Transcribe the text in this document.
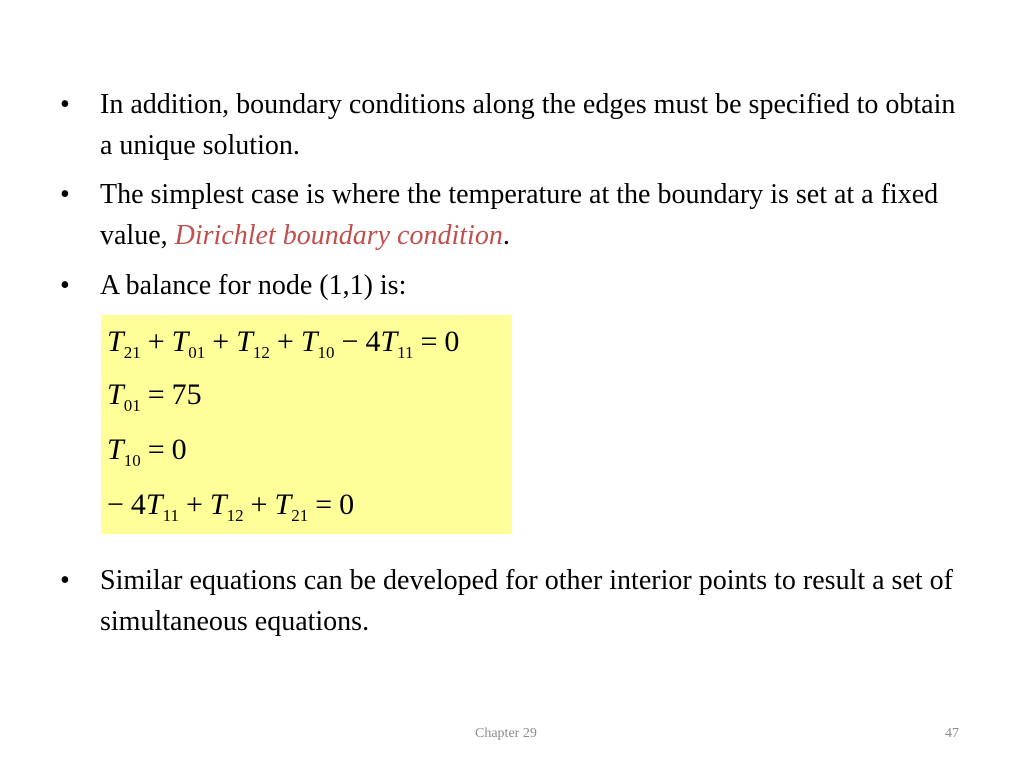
• In addition, boundary conditions along the edges must be specified to obtain a unique solution.
• The simplest case is where the temperature at the boundary is set at a fixed value, Dirichlet boundary condition.
• A balance for node (1,1) is:
$T_{21} + T_{01} + T_{12} + T_{10} - 4T_{11} = 0$
$T_{01} = 75$
$T_{10} = 0$
− $4T_{11} + T_{12} + T_{21} = 0$
• Similar equations can be developed for other interior points to result a set of simultaneous equations.
Chapter 29	47
